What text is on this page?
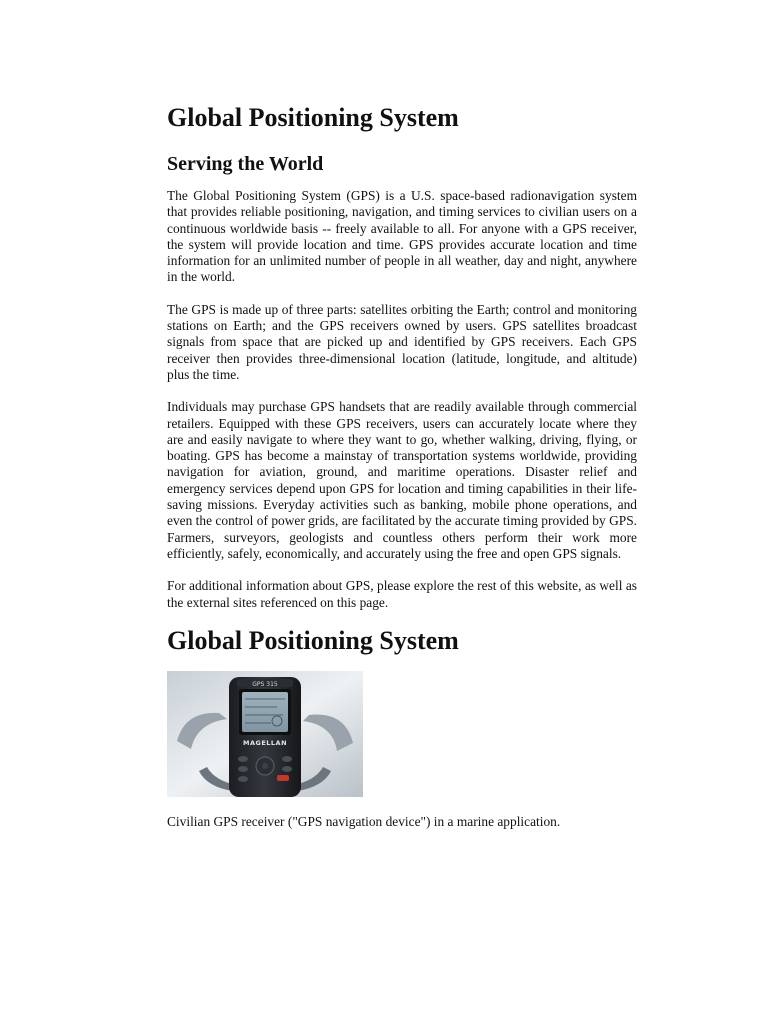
Global Positioning System
Serving the World

The Global Positioning System (GPS) is a U.S. space-based radionavigation system that provides reliable positioning, navigation, and timing services to civilian users on a continuous worldwide basis -- freely available to all. For anyone with a GPS receiver, the system will provide location and time. GPS provides accurate location and time information for an unlimited number of people in all weather, day and night, anywhere in the world.

The GPS is made up of three parts: satellites orbiting the Earth; control and monitoring stations on Earth; and the GPS receivers owned by users. GPS satellites broadcast signals from space that are picked up and identified by GPS receivers. Each GPS receiver then provides three-dimensional location (latitude, longitude, and altitude) plus the time.

Individuals may purchase GPS handsets that are readily available through commercial retailers. Equipped with these GPS receivers, users can accurately locate where they are and easily navigate to where they want to go, whether walking, driving, flying, or boating. GPS has become a mainstay of transportation systems worldwide, providing navigation for aviation, ground, and maritime operations. Disaster relief and emergency services depend upon GPS for location and timing capabilities in their life-saving missions. Everyday activities such as banking, mobile phone operations, and even the control of power grids, are facilitated by the accurate timing provided by GPS. Farmers, surveyors, geologists and countless others perform their work more efficiently, safely, economically, and accurately using the free and open GPS signals.

For additional information about GPS, please explore the rest of this website, as well as the external sites referenced on this page.

Global Positioning System
GPS 315
MAGELLAN
Civilian GPS receiver ("GPS navigation device") in a marine application.
